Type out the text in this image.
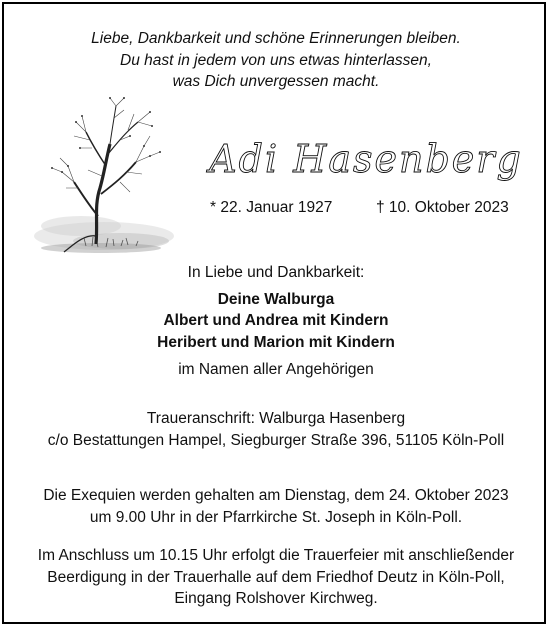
Liebe, Dankbarkeit und schöne Erinnerungen bleiben.
Du hast in jedem von uns etwas hinterlassen,
was Dich unvergessen macht.
Adi Hasenberg
* 22. Januar 1927	† 10. Oktober 2023
In Liebe und Dankbarkeit:
Deine Walburga
Albert und Andrea mit Kindern
Heribert und Marion mit Kindern
im Namen aller Angehörigen
Traueranschrift: Walburga Hasenberg
c/o Bestattungen Hampel, Siegburger Straße 396, 51105 Köln-Poll
Die Exequien werden gehalten am Dienstag, dem 24. Oktober 2023
um 9.00 Uhr in der Pfarrkirche St. Joseph in Köln-Poll.
Im Anschluss um 10.15 Uhr erfolgt die Trauerfeier mit anschließender
Beerdigung in der Trauerhalle auf dem Friedhof Deutz in Köln-Poll,
Eingang Rolshover Kirchweg.
